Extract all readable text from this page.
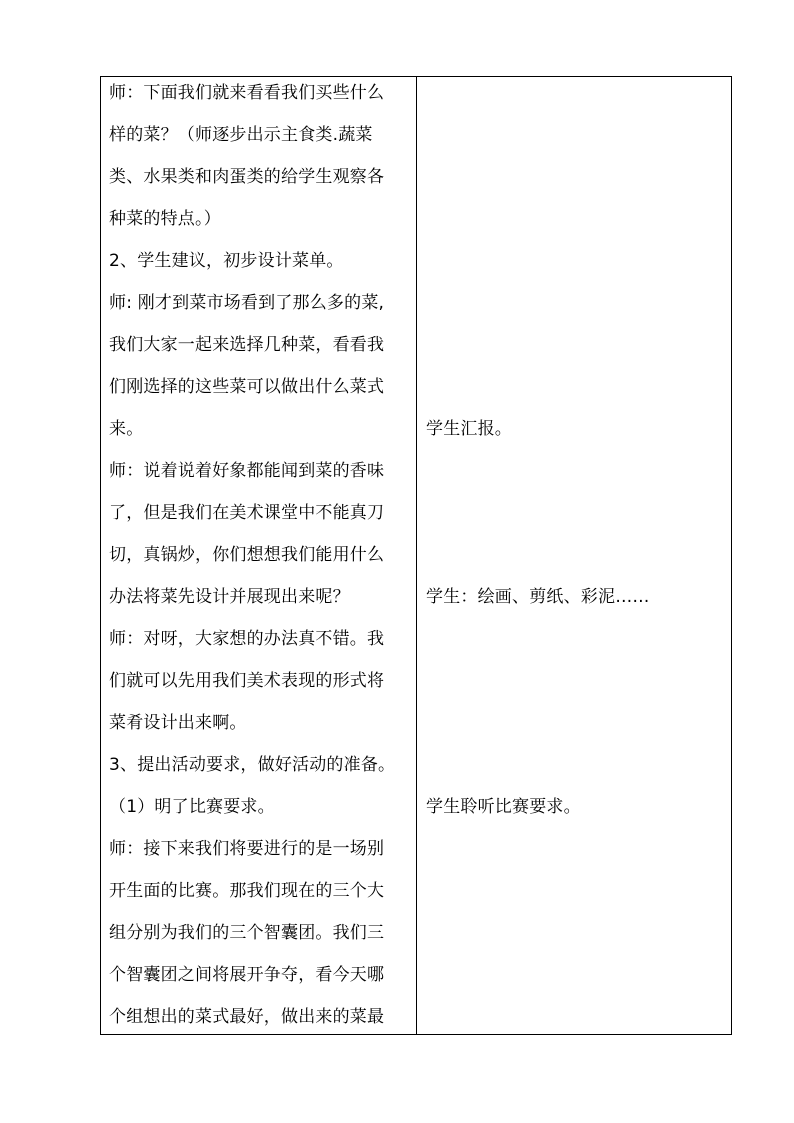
师：下面我们就来看看我们买些什么
样的菜？（师逐步出示主食类.蔬菜
类、水果类和肉蛋类的给学生观察各
种菜的特点。）
2、学生建议，初步设计菜单。
师: 刚才到菜市场看到了那么多的菜,
我们大家一起来选择几种菜，看看我
们刚选择的这些菜可以做出什么菜式
来。
师：说着说着好象都能闻到菜的香味
了，但是我们在美术课堂中不能真刀
切，真锅炒，你们想想我们能用什么
办法将菜先设计并展现出来呢？
师：对呀，大家想的办法真不错。我
们就可以先用我们美术表现的形式将
菜肴设计出来啊。
3、提出活动要求，做好活动的准备。
（1）明了比赛要求。
师：接下来我们将要进行的是一场别
开生面的比赛。那我们现在的三个大
组分别为我们的三个智囊团。我们三
个智囊团之间将展开争夺，看今天哪
个组想出的菜式最好，做出来的菜最
学生汇报。
学生：绘画、剪纸、彩泥……
学生聆听比赛要求。
